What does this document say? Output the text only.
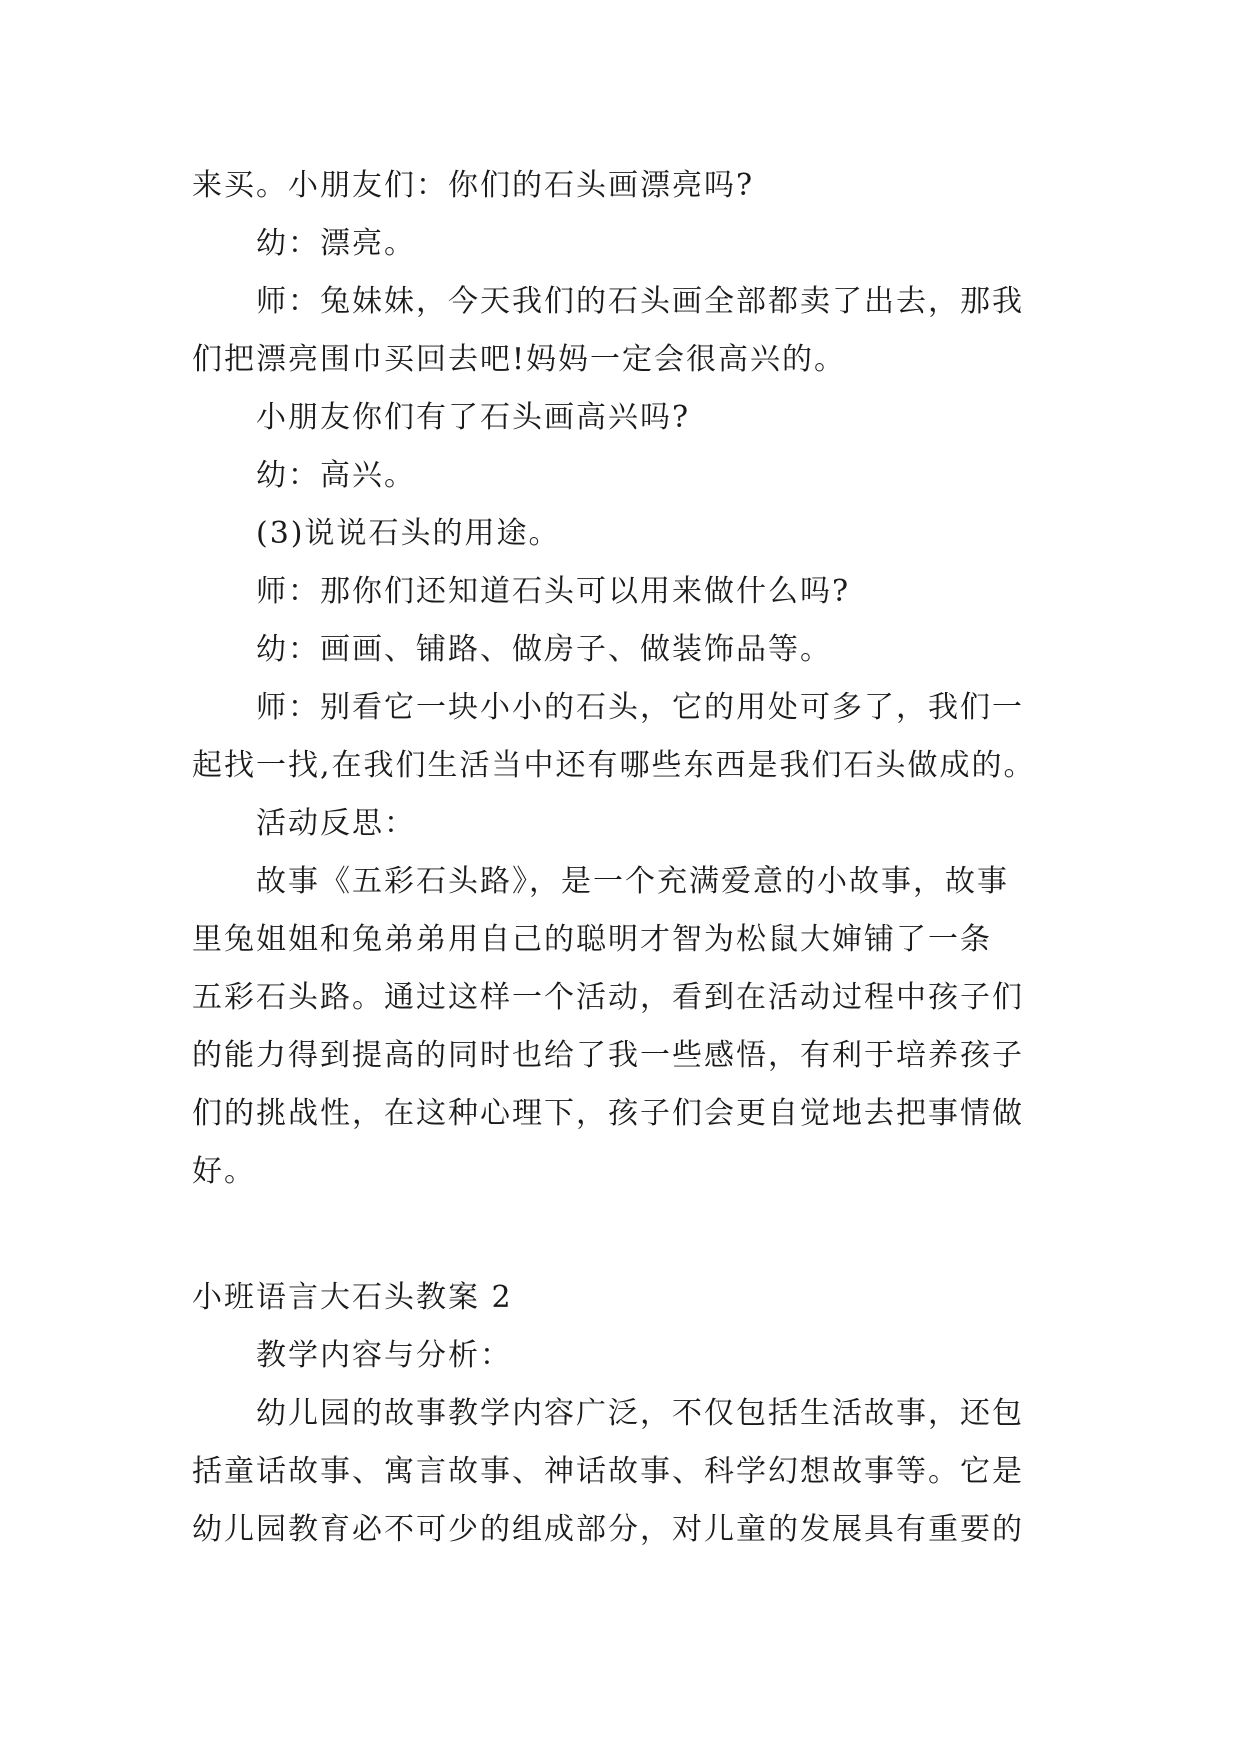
来买。小朋友们：你们的石头画漂亮吗?
幼：漂亮。
师：兔妹妹，今天我们的石头画全部都卖了出去，那我
们把漂亮围巾买回去吧!妈妈一定会很高兴的。
小朋友你们有了石头画高兴吗?
幼：高兴。
(3)说说石头的用途。
师：那你们还知道石头可以用来做什么吗?
幼：画画、铺路、做房子、做装饰品等。
师：别看它一块小小的石头，它的用处可多了，我们一
起找一找,在我们生活当中还有哪些东西是我们石头做成的。
活动反思：
故事《五彩石头路》，是一个充满爱意的小故事，故事
里兔姐姐和兔弟弟用自己的聪明才智为松鼠大婶铺了一条
五彩石头路。通过这样一个活动，看到在活动过程中孩子们
的能力得到提高的同时也给了我一些感悟，有利于培养孩子
们的挑战性，在这种心理下，孩子们会更自觉地去把事情做
好。
小班语言大石头教案 2
教学内容与分析：
幼儿园的故事教学内容广泛，不仅包括生活故事，还包
括童话故事、寓言故事、神话故事、科学幻想故事等。它是
幼儿园教育必不可少的组成部分，对儿童的发展具有重要的
